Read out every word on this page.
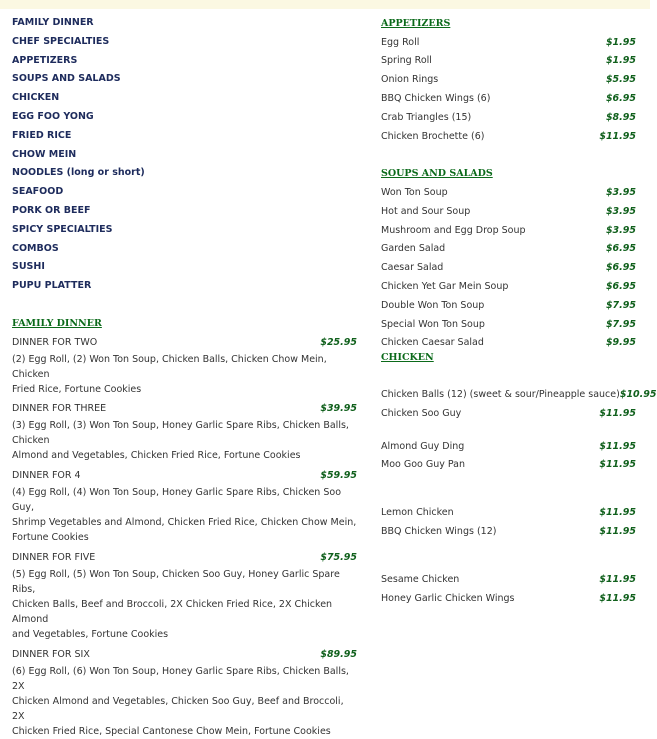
FAMILY DINNER
CHEF SPECIALTIES
APPETIZERS
SOUPS AND SALADS
CHICKEN
EGG FOO YONG
FRIED RICE
CHOW MEIN
NOODLES (long or short)
SEAFOOD
PORK OR BEEF
SPICY SPECIALTIES
COMBOS
SUSHI
PUPU PLATTER
FAMILY DINNER
DINNER FOR TWO	$25.95
(2) Egg Roll, (2) Won Ton Soup, Chicken Balls, Chicken Chow Mein, Chicken
Fried Rice, Fortune Cookies
DINNER FOR THREE	$39.95
(3) Egg Roll, (3) Won Ton Soup, Honey Garlic Spare Ribs, Chicken Balls, Chicken
Almond and Vegetables, Chicken Fried Rice, Fortune Cookies
DINNER FOR 4	$59.95
(4) Egg Roll, (4) Won Ton Soup, Honey Garlic Spare Ribs, Chicken Soo Guy,
Shrimp Vegetables and Almond, Chicken Fried Rice, Chicken Chow Mein,
Fortune Cookies
DINNER FOR FIVE	$75.95
(5) Egg Roll, (5) Won Ton Soup, Chicken Soo Guy, Honey Garlic Spare Ribs,
Chicken Balls, Beef and Broccoli, 2X Chicken Fried Rice, 2X Chicken Almond
and Vegetables, Fortune Cookies
DINNER FOR SIX	$89.95
(6) Egg Roll, (6) Won Ton Soup, Honey Garlic Spare Ribs, Chicken Balls, 2X
Chicken Almond and Vegetables, Chicken Soo Guy, Beef and Broccoli, 2X
Chicken Fried Rice, Special Cantonese Chow Mein, Fortune Cookies
APPETIZERS
Egg Roll	$1.95
Spring Roll	$1.95
Onion Rings	$5.95
BBQ Chicken Wings (6)	$6.95
Crab Triangles (15)	$8.95
Chicken Brochette (6)	$11.95
SOUPS AND SALADS
Won Ton Soup	$3.95
Hot and Sour Soup	$3.95
Mushroom and Egg Drop Soup	$3.95
Garden Salad	$6.95
Caesar Salad	$6.95
Chicken Yet Gar Mein Soup	$6.95
Double Won Ton Soup	$7.95
Special Won Ton Soup	$7.95
Chicken Caesar Salad	$9.95
CHICKEN
Chicken Balls (12) (sweet & sour/Pineapple sauce) $10.95
Chicken Soo Guy	$11.95
Almond Guy Ding	$11.95
Moo Goo Guy Pan	$11.95
Lemon Chicken	$11.95
BBQ Chicken Wings (12)	$11.95
Sesame Chicken	$11.95
Honey Garlic Chicken Wings	$11.95
